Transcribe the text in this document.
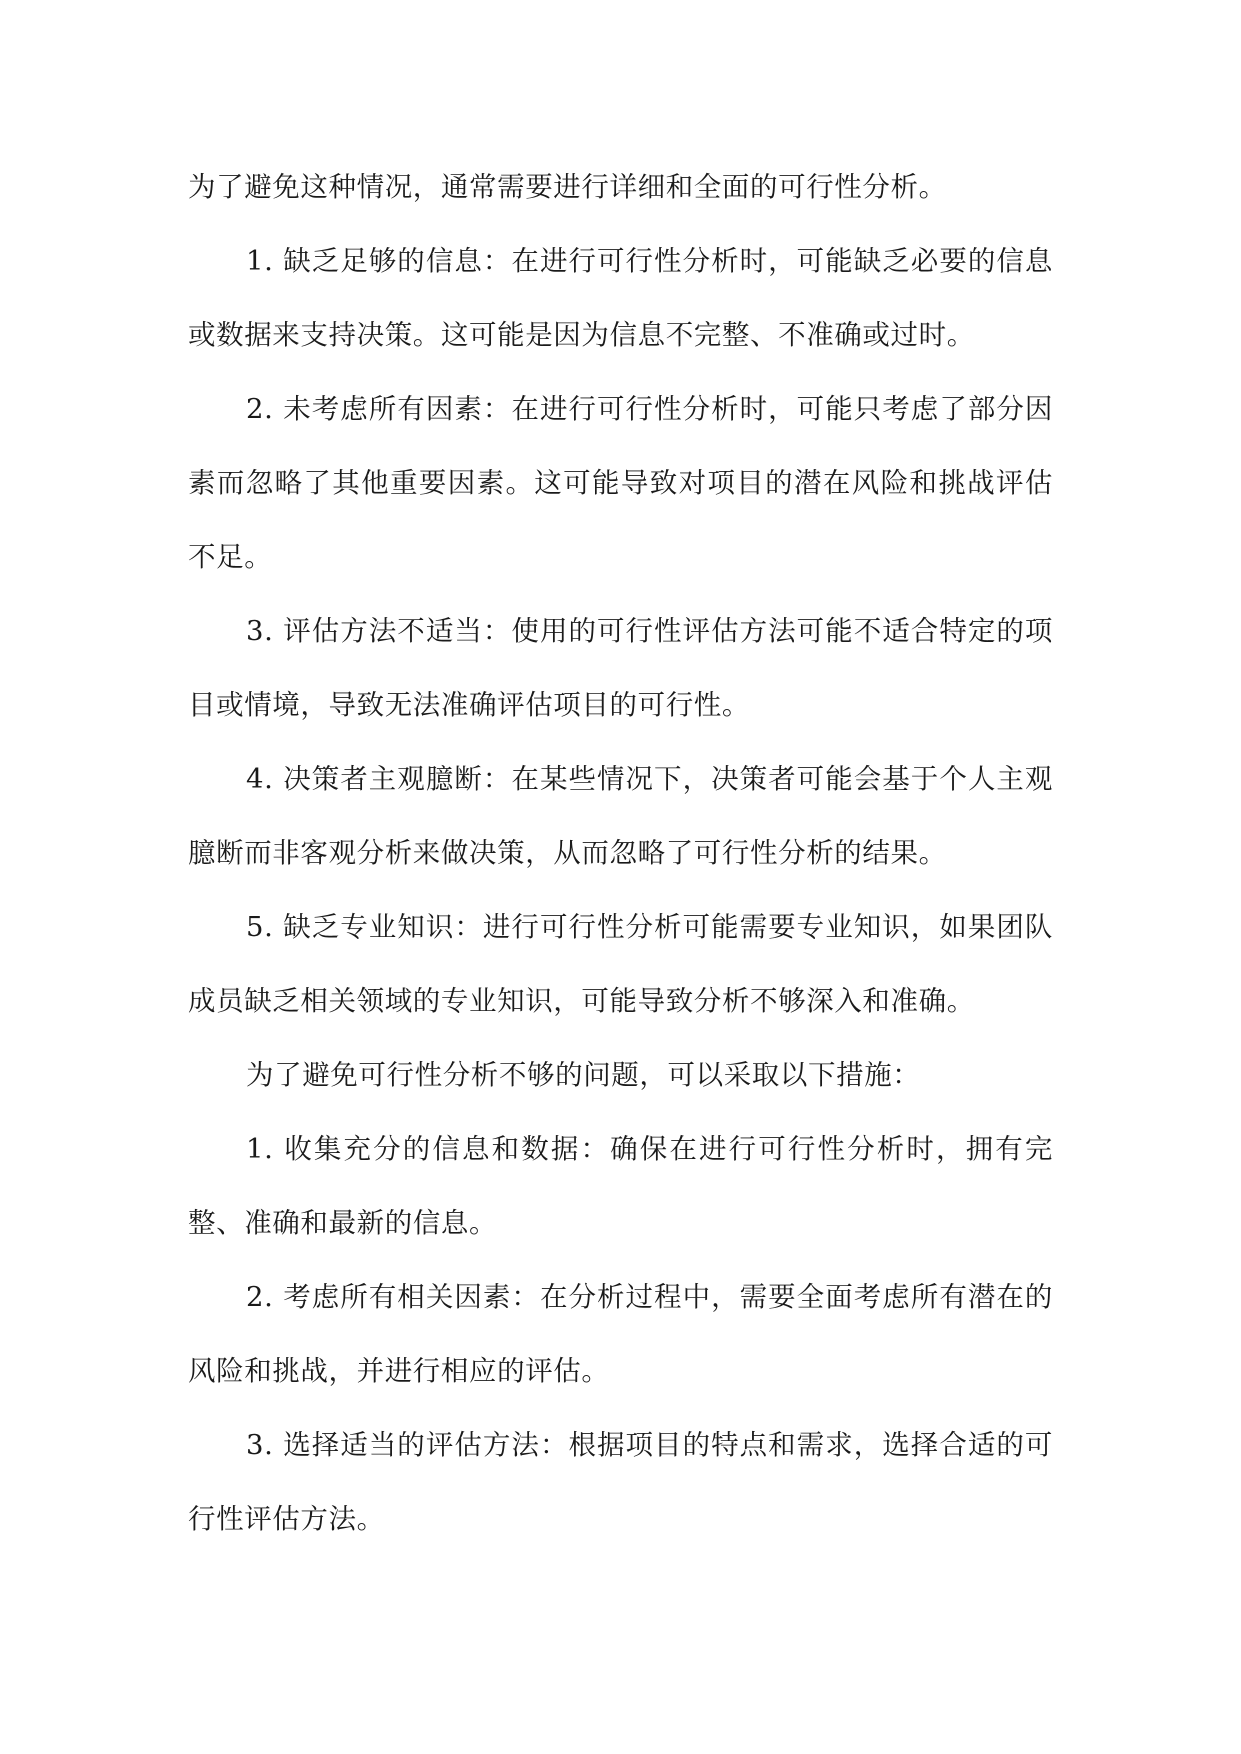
为了避免这种情况，通常需要进行详细和全面的可行性分析。

1. 缺乏足够的信息：在进行可行性分析时，可能缺乏必要的信息或数据来支持决策。这可能是因为信息不完整、不准确或过时。

2. 未考虑所有因素：在进行可行性分析时，可能只考虑了部分因素而忽略了其他重要因素。这可能导致对项目的潜在风险和挑战评估不足。

3. 评估方法不适当：使用的可行性评估方法可能不适合特定的项目或情境，导致无法准确评估项目的可行性。

4. 决策者主观臆断：在某些情况下，决策者可能会基于个人主观臆断而非客观分析来做决策，从而忽略了可行性分析的结果。

5. 缺乏专业知识：进行可行性分析可能需要专业知识，如果团队成员缺乏相关领域的专业知识，可能导致分析不够深入和准确。

为了避免可行性分析不够的问题，可以采取以下措施：

1. 收集充分的信息和数据：确保在进行可行性分析时，拥有完整、准确和最新的信息。

2. 考虑所有相关因素：在分析过程中，需要全面考虑所有潜在的风险和挑战，并进行相应的评估。

3. 选择适当的评估方法：根据项目的特点和需求，选择合适的可行性评估方法。
